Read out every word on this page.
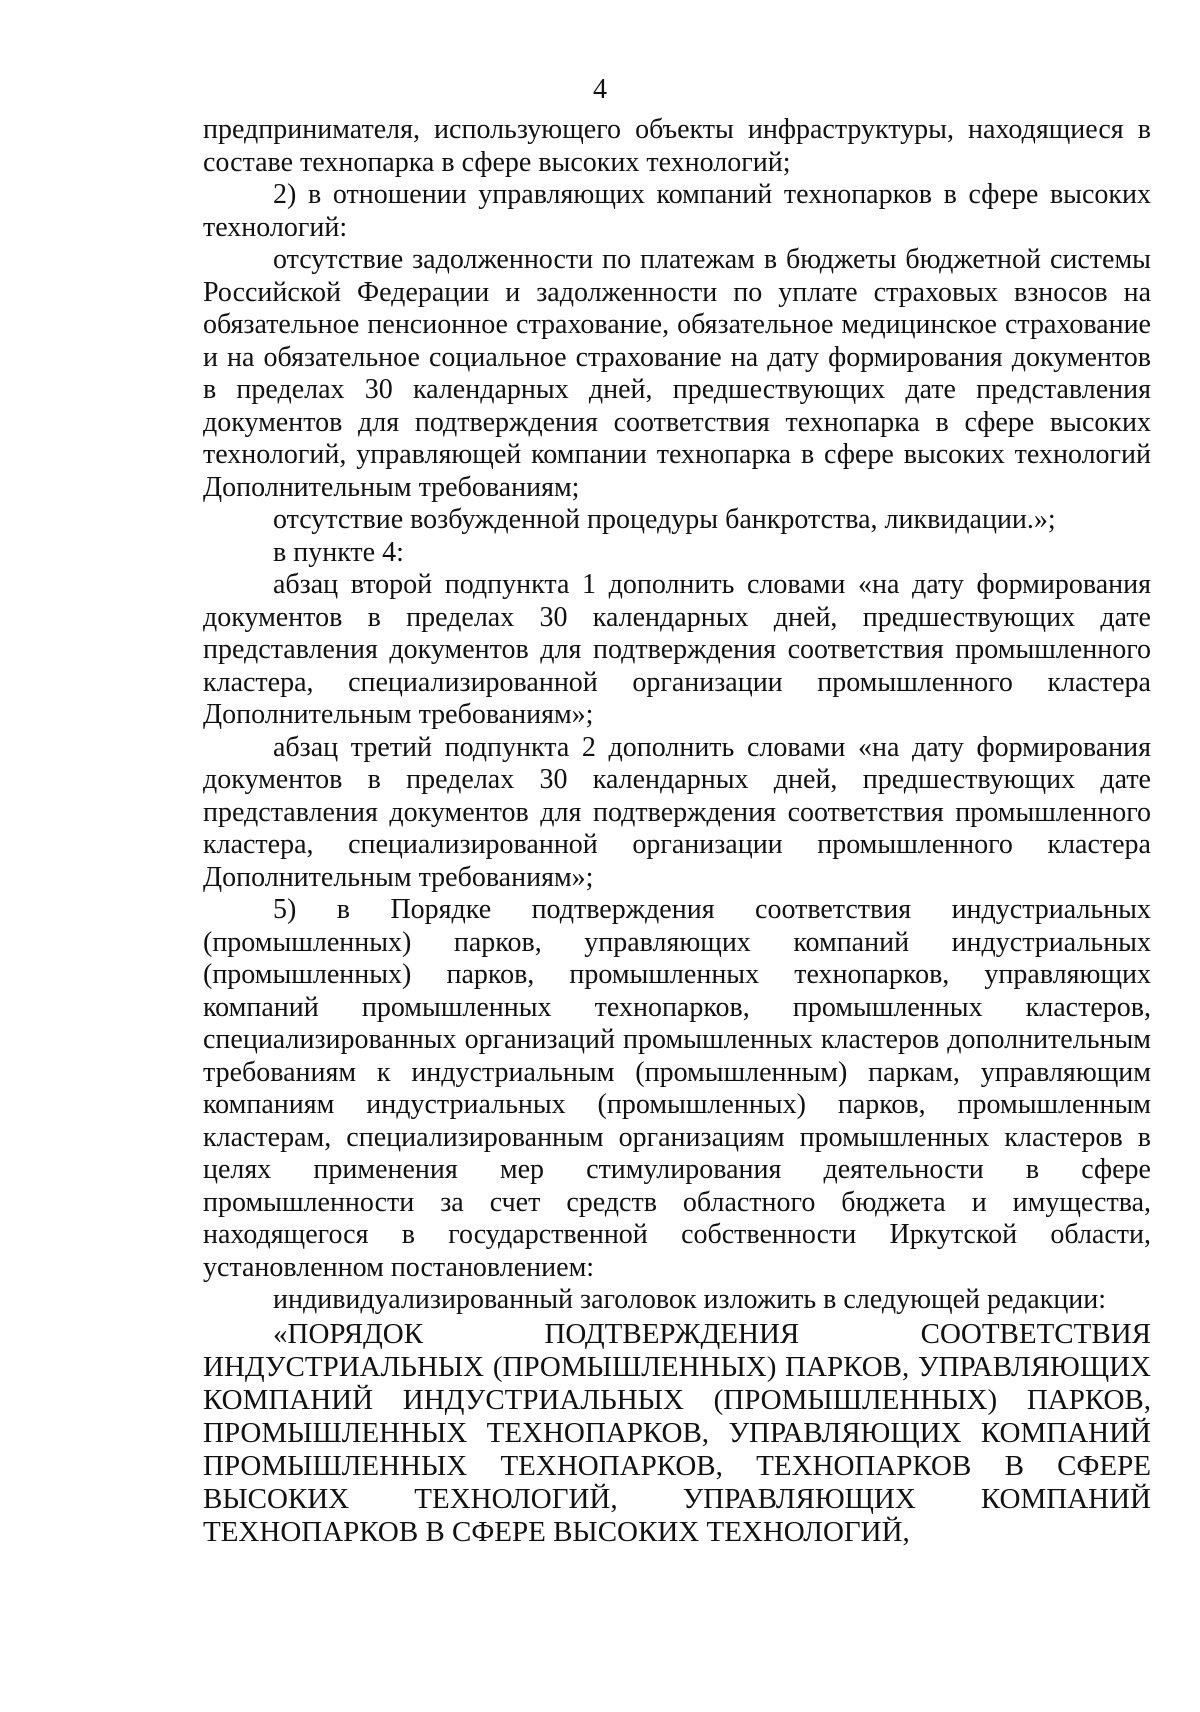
4

предпринимателя, использующего объекты инфраструктуры, находящиеся в составе технопарка в сфере высоких технологий;

2) в отношении управляющих компаний технопарков в сфере высоких технологий:

отсутствие задолженности по платежам в бюджеты бюджетной системы Российской Федерации и задолженности по уплате страховых взносов на обязательное пенсионное страхование, обязательное медицинское страхование и на обязательное социальное страхование на дату формирования документов в пределах 30 календарных дней, предшествующих дате представления документов для подтверждения соответствия технопарка в сфере высоких технологий, управляющей компании технопарка в сфере высоких технологий Дополнительным требованиям;

отсутствие возбужденной процедуры банкротства, ликвидации.»;

в пункте 4:

абзац второй подпункта 1 дополнить словами «на дату формирования документов в пределах 30 календарных дней, предшествующих дате представления документов для подтверждения соответствия промышленного кластера, специализированной организации промышленного кластера Дополнительным требованиям»;

абзац третий подпункта 2 дополнить словами «на дату формирования документов в пределах 30 календарных дней, предшествующих дате представления документов для подтверждения соответствия промышленного кластера, специализированной организации промышленного кластера Дополнительным требованиям»;

5) в Порядке подтверждения соответствия индустриальных (промышленных) парков, управляющих компаний индустриальных (промышленных) парков, промышленных технопарков, управляющих компаний промышленных технопарков, промышленных кластеров, специализированных организаций промышленных кластеров дополнительным требованиям к индустриальным (промышленным) паркам, управляющим компаниям индустриальных (промышленных) парков, промышленным кластерам, специализированным организациям промышленных кластеров в целях применения мер стимулирования деятельности в сфере промышленности за счет средств областного бюджета и имущества, находящегося в государственной собственности Иркутской области, установленном постановлением:

индивидуализированный заголовок изложить в следующей редакции:

«ПОРЯДОК ПОДТВЕРЖДЕНИЯ СООТВЕТСТВИЯ ИНДУСТРИАЛЬНЫХ (ПРОМЫШЛЕННЫХ) ПАРКОВ, УПРАВЛЯЮЩИХ КОМПАНИЙ ИНДУСТРИАЛЬНЫХ (ПРОМЫШЛЕННЫХ) ПАРКОВ, ПРОМЫШЛЕННЫХ ТЕХНОПАРКОВ, УПРАВЛЯЮЩИХ КОМПАНИЙ ПРОМЫШЛЕННЫХ ТЕХНОПАРКОВ, ТЕХНОПАРКОВ В СФЕРЕ ВЫСОКИХ ТЕХНОЛОГИЙ, УПРАВЛЯЮЩИХ КОМПАНИЙ ТЕХНОПАРКОВ В СФЕРЕ ВЫСОКИХ ТЕХНОЛОГИЙ,
